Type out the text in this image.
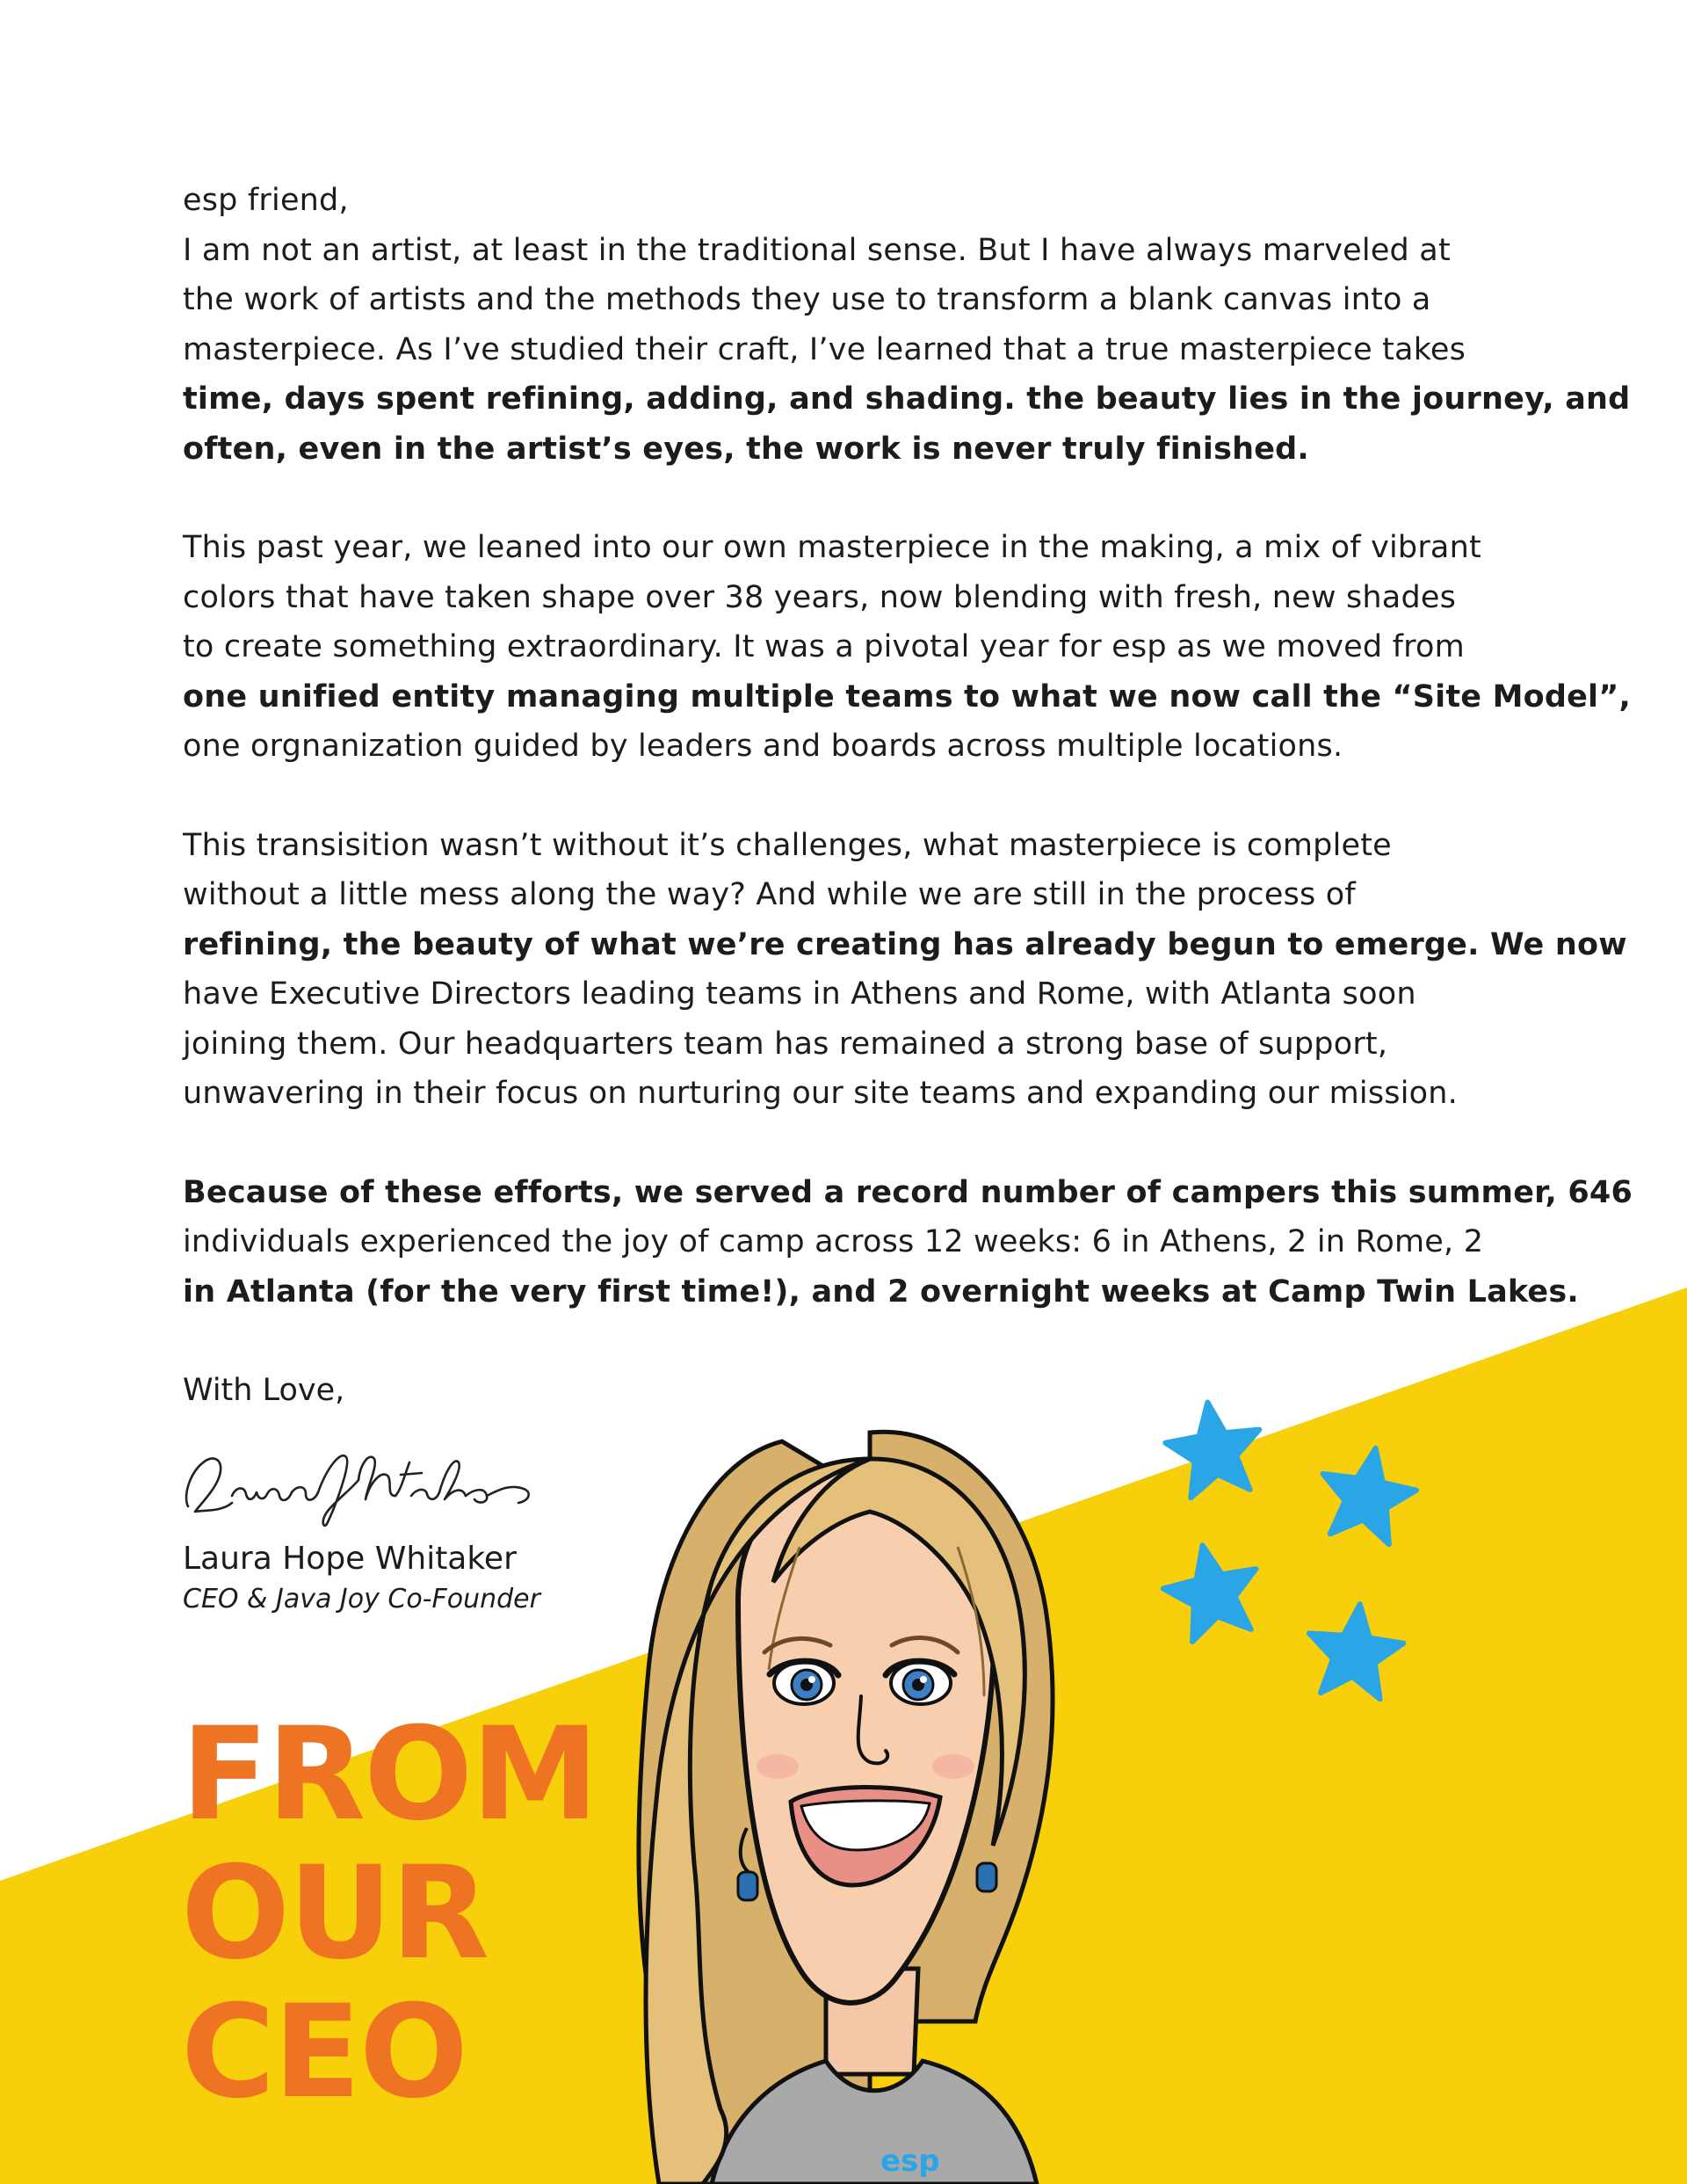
esp friend,

I am not an artist, at least in the traditional sense. But I have always marveled at
the work of artists and the methods they use to transform a blank canvas into a
masterpiece. As I’ve studied their craft, I’ve learned that a true masterpiece takes
time, days spent refining, adding, and shading. the beauty lies in the journey, and
often, even in the artist’s eyes, the work is never truly finished.

This past year, we leaned into our own masterpiece in the making, a mix of vibrant
colors that have taken shape over 38 years, now blending with fresh, new shades
to create something extraordinary. It was a pivotal year for esp as we moved from
one unified entity managing multiple teams to what we now call the “Site Model”,
one orgnanization guided by leaders and boards across multiple locations.

This transisition wasn’t without it’s challenges, what masterpiece is complete
without a little mess along the way? And while we are still in the process of
refining, the beauty of what we’re creating has already begun to emerge. We now
have Executive Directors leading teams in Athens and Rome, with Atlanta soon
joining them. Our headquarters team has remained a strong base of support,
unwavering in their focus on nurturing our site teams and expanding our mission.

Because of these efforts, we served a record number of campers this summer, 646
individuals experienced the joy of camp across 12 weeks: 6 in Athens, 2 in Rome, 2
in Atlanta (for the very first time!), and 2 overnight weeks at Camp Twin Lakes.

With Love,

Laura Hope Whitaker
CEO & Java Joy Co-Founder
FROM
OUR
CEO
esp
